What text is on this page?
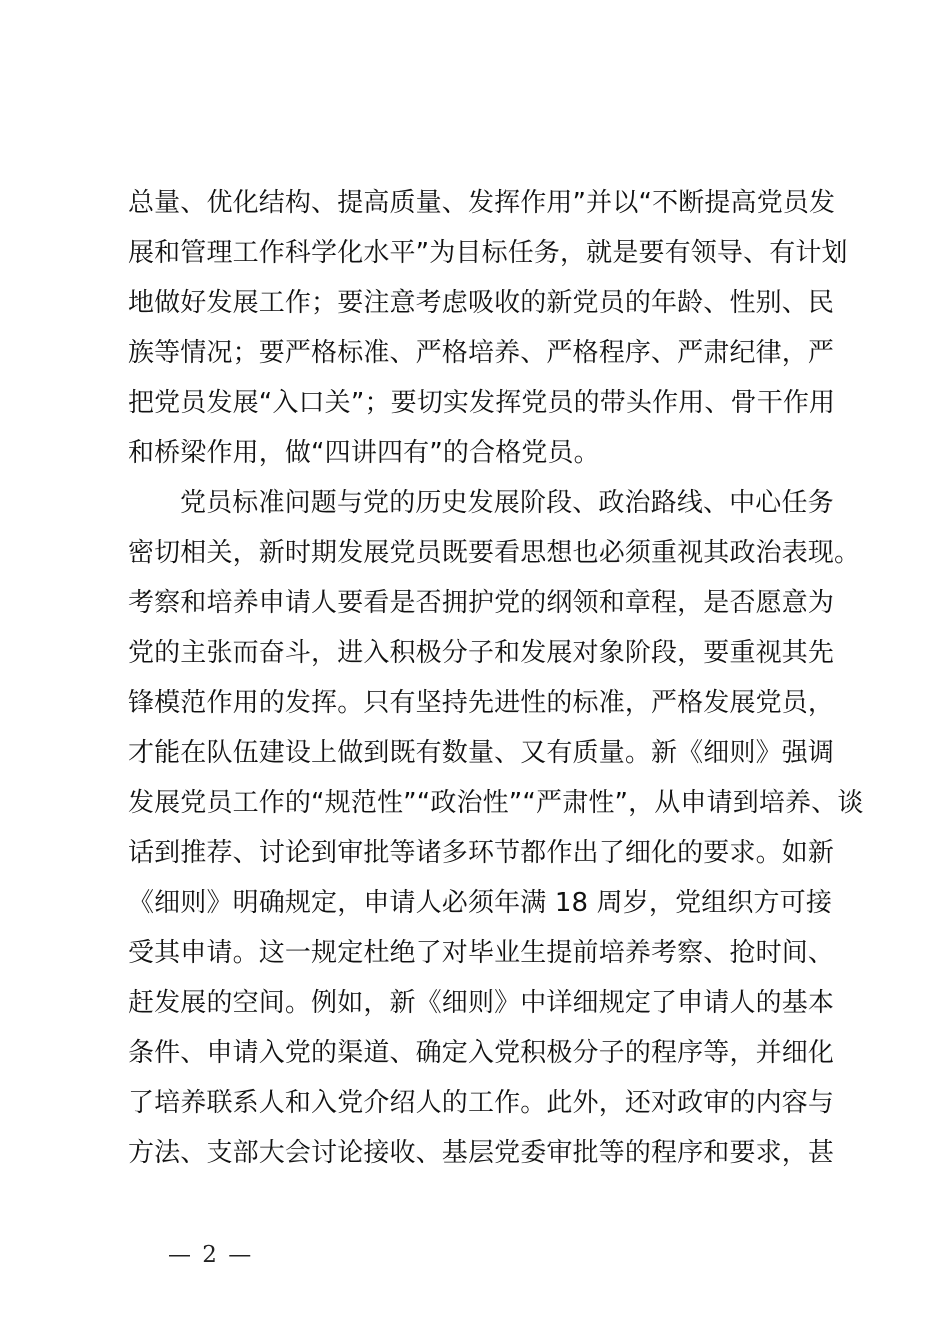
总量、优化结构、提高质量、发挥作用”并以“不断提高党员发
展和管理工作科学化水平”为目标任务，就是要有领导、有计划
地做好发展工作；要注意考虑吸收的新党员的年龄、性别、民
族等情况；要严格标准、严格培养、严格程序、严肃纪律，严
把党员发展“入口关”；要切实发挥党员的带头作用、骨干作用
和桥梁作用，做“四讲四有”的合格党员。
党员标准问题与党的历史发展阶段、政治路线、中心任务
密切相关，新时期发展党员既要看思想也必须重视其政治表现。
考察和培养申请人要看是否拥护党的纲领和章程，是否愿意为
党的主张而奋斗，进入积极分子和发展对象阶段，要重视其先
锋模范作用的发挥。只有坚持先进性的标准，严格发展党员，
才能在队伍建设上做到既有数量、又有质量。新《细则》强调
发展党员工作的“规范性”“政治性”“严肃性”，从申请到培养、谈
话到推荐、讨论到审批等诸多环节都作出了细化的要求。如新
《细则》明确规定，申请人必须年满 18 周岁，党组织方可接
受其申请。这一规定杜绝了对毕业生提前培养考察、抢时间、
赶发展的空间。例如，新《细则》中详细规定了申请人的基本
条件、申请入党的渠道、确定入党积极分子的程序等，并细化
了培养联系人和入党介绍人的工作。此外，还对政审的内容与
方法、支部大会讨论接收、基层党委审批等的程序和要求，甚
— 2 —
